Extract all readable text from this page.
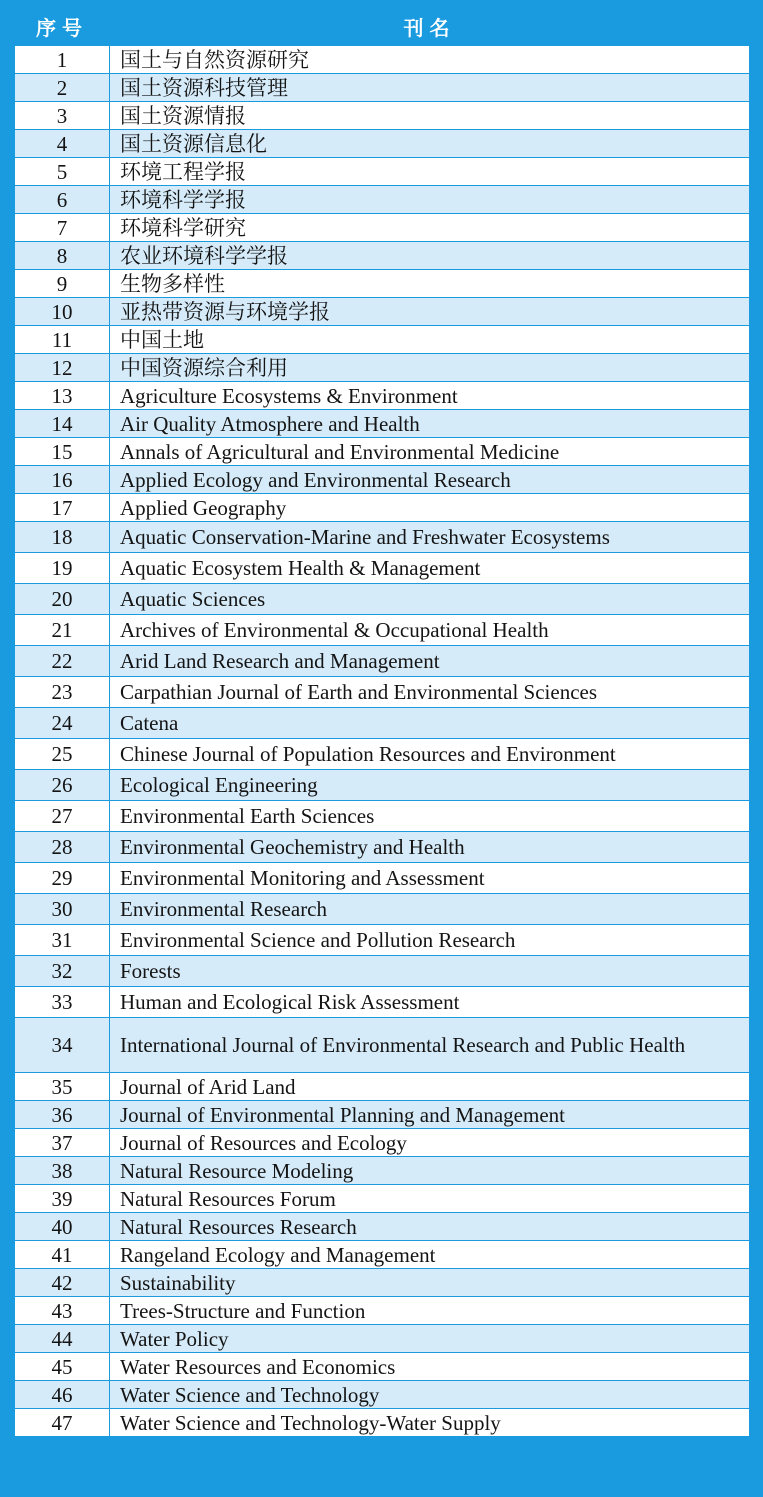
序号	刊名
1	国土与自然资源研究
2	国土资源科技管理
3	国土资源情报
4	国土资源信息化
5	环境工程学报
6	环境科学学报
7	环境科学研究
8	农业环境科学学报
9	生物多样性
10	亚热带资源与环境学报
11	中国土地
12	中国资源综合利用
13	Agriculture Ecosystems & Environment
14	Air Quality Atmosphere and Health
15	Annals of Agricultural and Environmental Medicine
16	Applied Ecology and Environmental Research
17	Applied Geography
18	Aquatic Conservation-Marine and Freshwater Ecosystems
19	Aquatic Ecosystem Health & Management
20	Aquatic Sciences
21	Archives of Environmental & Occupational Health
22	Arid Land Research and Management
23	Carpathian Journal of Earth and Environmental Sciences
24	Catena
25	Chinese Journal of Population Resources and Environment
26	Ecological Engineering
27	Environmental Earth Sciences
28	Environmental Geochemistry and Health
29	Environmental Monitoring and Assessment
30	Environmental Research
31	Environmental Science and Pollution Research
32	Forests
33	Human and Ecological Risk Assessment
34	International Journal of Environmental Research and Public Health
35	Journal of Arid Land
36	Journal of Environmental Planning and Management
37	Journal of Resources and Ecology
38	Natural Resource Modeling
39	Natural Resources Forum
40	Natural Resources Research
41	Rangeland Ecology and Management
42	Sustainability
43	Trees-Structure and Function
44	Water Policy
45	Water Resources and Economics
46	Water Science and Technology
47	Water Science and Technology-Water Supply
